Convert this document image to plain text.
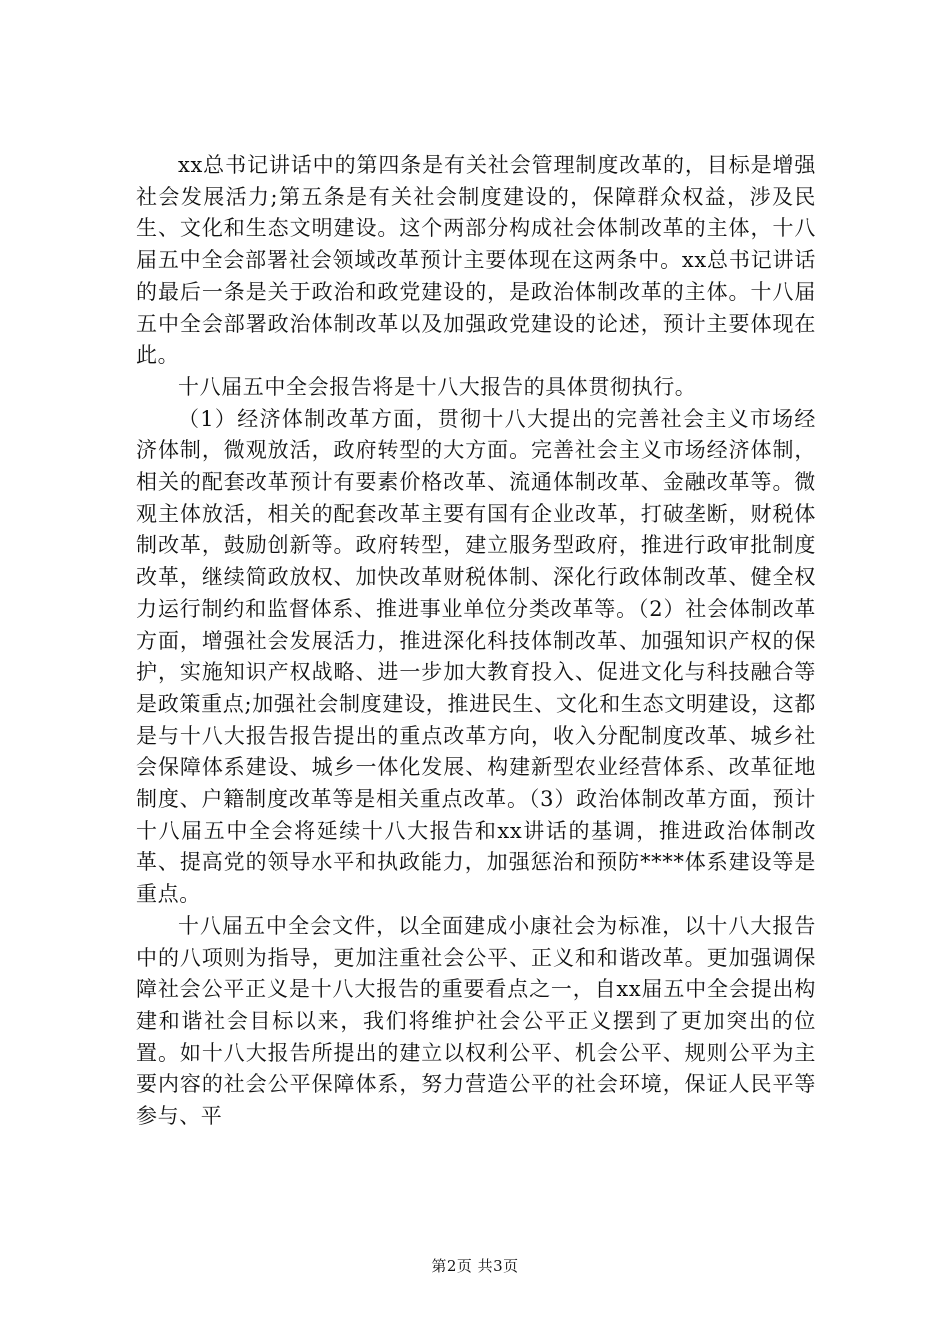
xx总书记讲话中的第四条是有关社会管理制度改革的，目标是增强社会发展活力;第五条是有关社会制度建设的，保障群众权益，涉及民生、文化和生态文明建设。这个两部分构成社会体制改革的主体，十八届五中全会部署社会领域改革预计主要体现在这两条中。xx总书记讲话的最后一条是关于政治和政党建设的，是政治体制改革的主体。十八届五中全会部署政治体制改革以及加强政党建设的论述，预计主要体现在此。

十八届五中全会报告将是十八大报告的具体贯彻执行。

（1）经济体制改革方面，贯彻十八大提出的完善社会主义市场经济体制，微观放活，政府转型的大方面。完善社会主义市场经济体制，相关的配套改革预计有要素价格改革、流通体制改革、金融改革等。微观主体放活，相关的配套改革主要有国有企业改革，打破垄断，财税体制改革，鼓励创新等。政府转型，建立服务型政府，推进行政审批制度改革，继续简政放权、加快改革财税体制、深化行政体制改革、健全权力运行制约和监督体系、推进事业单位分类改革等。（2）社会体制改革方面，增强社会发展活力，推进深化科技体制改革、加强知识产权的保护，实施知识产权战略、进一步加大教育投入、促进文化与科技融合等是政策重点;加强社会制度建设，推进民生、文化和生态文明建设，这都是与十八大报告报告提出的重点改革方向，收入分配制度改革、城乡社会保障体系建设、城乡一体化发展、构建新型农业经营体系、改革征地制度、户籍制度改革等是相关重点改革。（3）政治体制改革方面，预计十八届五中全会将延续十八大报告和xx讲话的基调，推进政治体制改革、提高党的领导水平和执政能力，加强惩治和预防****体系建设等是重点。

十八届五中全会文件，以全面建成小康社会为标准，以十八大报告中的八项则为指导，更加注重社会公平、正义和和谐改革。更加强调保障社会公平正义是十八大报告的重要看点之一，自xx届五中全会提出构建和谐社会目标以来，我们将维护社会公平正义摆到了更加突出的位置。如十八大报告所提出的建立以权利公平、机会公平、规则公平为主要内容的社会公平保障体系，努力营造公平的社会环境，保证人民平等参与、平

第2页 共3页
